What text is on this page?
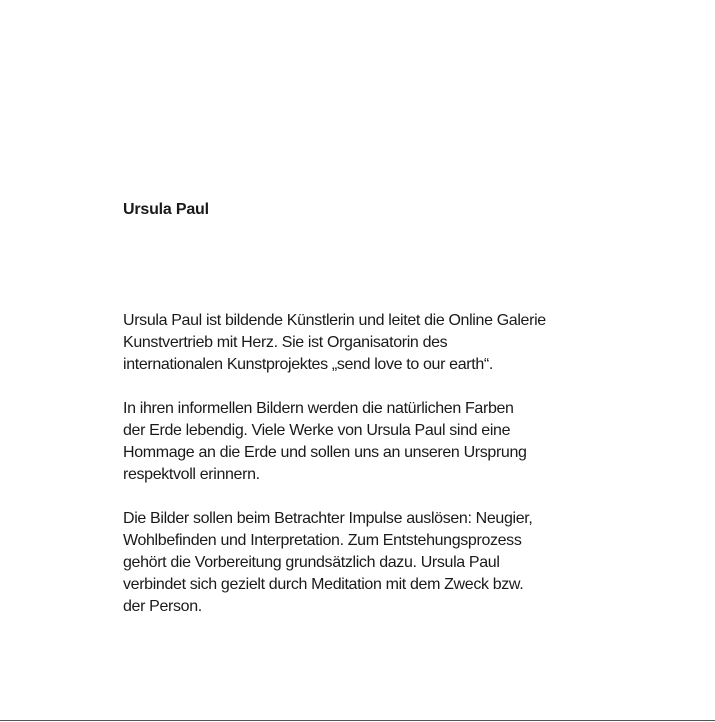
Ursula Paul

Ursula Paul ist bildende Künstlerin und leitet die Online Galerie
Kunstvertrieb mit Herz. Sie ist Organisatorin des
internationalen Kunstprojektes „send love to our earth“.

In ihren informellen Bildern werden die natürlichen Farben
der Erde lebendig. Viele Werke von Ursula Paul sind eine
Hommage an die Erde und sollen uns an unseren Ursprung
respektvoll erinnern.

Die Bilder sollen beim Betrachter Impulse auslösen: Neugier,
Wohlbefinden und Interpretation. Zum Entstehungsprozess
gehört die Vorbereitung grundsätzlich dazu. Ursula Paul
verbindet sich gezielt durch Meditation mit dem Zweck bzw.
der Person.
